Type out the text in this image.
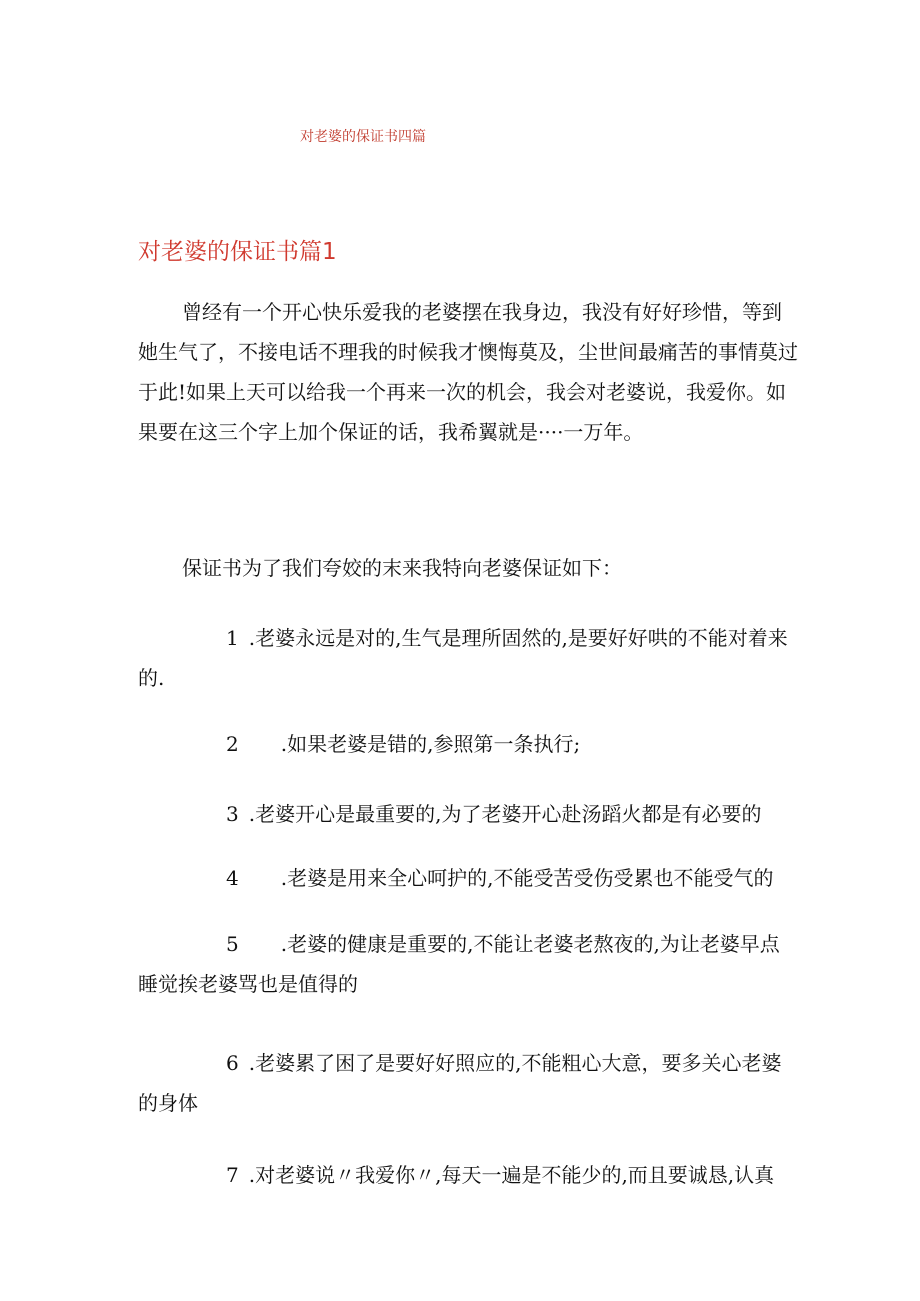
对老婆的保证书四篇
对老婆的保证书篇1

曾经有一个开心快乐爱我的老婆摆在我身边，我没有好好珍惜，等到她生气了，不接电话不理我的时候我才懊悔莫及，尘世间最痛苦的事情莫过于此!如果上天可以给我一个再来一次的机会，我会对老婆说，我爱你。如果要在这三个字上加个保证的话，我希翼就是····一万年。

保证书为了我们夸姣的末来我特向老婆保证如下：

1 .老婆永远是对的,生气是理所固然的,是要好好哄的不能对着来的.

2 .如果老婆是错的,参照第一条执行;

3 .老婆开心是最重要的,为了老婆开心赴汤蹈火都是有必要的

4 .老婆是用来全心呵护的,不能受苦受伤受累也不能受气的

5 .老婆的健康是重要的,不能让老婆老熬夜的,为让老婆早点睡觉挨老婆骂也是值得的

6 .老婆累了困了是要好好照应的,不能粗心大意，要多关心老婆的身体

7 .对老婆说〃我爱你〃,每天一遍是不能少的,而且要诚恳,认真
